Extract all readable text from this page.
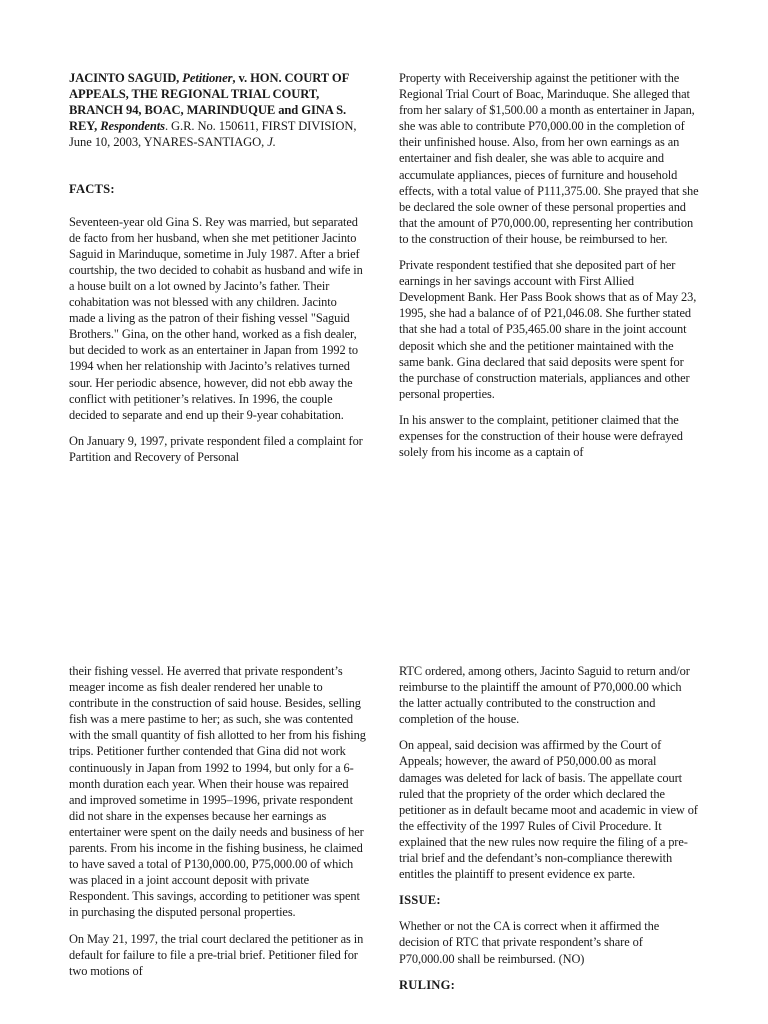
JACINTO SAGUID, Petitioner, v. HON. COURT OF APPEALS, THE REGIONAL TRIAL COURT, BRANCH 94, BOAC, MARINDUQUE and GINA S. REY, Respondents. G.R. No. 150611, FIRST DIVISION, June 10, 2003, YNARES-SANTIAGO, J.

FACTS:

Seventeen-year old Gina S. Rey was married, but separated de facto from her husband, when she met petitioner Jacinto Saguid in Marinduque, sometime in July 1987. After a brief courtship, the two decided to cohabit as husband and wife in a house built on a lot owned by Jacinto’s father. Their cohabitation was not blessed with any children. Jacinto made a living as the patron of their fishing vessel "Saguid Brothers." Gina, on the other hand, worked as a fish dealer, but decided to work as an entertainer in Japan from 1992 to 1994 when her relationship with Jacinto’s relatives turned sour. Her periodic absence, however, did not ebb away the conflict with petitioner’s relatives. In 1996, the couple decided to separate and end up their 9-year cohabitation.

On January 9, 1997, private respondent filed a complaint for Partition and Recovery of Personal

Property with Receivership against the petitioner with the Regional Trial Court of Boac, Marinduque. She alleged that from her salary of $1,500.00 a month as entertainer in Japan, she was able to contribute P70,000.00 in the completion of their unfinished house. Also, from her own earnings as an entertainer and fish dealer, she was able to acquire and accumulate appliances, pieces of furniture and household effects, with a total value of P111,375.00. She prayed that she be declared the sole owner of these personal properties and that the amount of P70,000.00, representing her contribution to the construction of their house, be reimbursed to her.

Private respondent testified that she deposited part of her earnings in her savings account with First Allied Development Bank. Her Pass Book shows that as of May 23, 1995, she had a balance of of P21,046.08. She further stated that she had a total of P35,465.00 share in the joint account deposit which she and the petitioner maintained with the same bank. Gina declared that said deposits were spent for the purchase of construction materials, appliances and other personal properties.

In his answer to the complaint, petitioner claimed that the expenses for the construction of their house were defrayed solely from his income as a captain of

their fishing vessel. He averred that private respondent’s meager income as fish dealer rendered her unable to contribute in the construction of said house. Besides, selling fish was a mere pastime to her; as such, she was contented with the small quantity of fish allotted to her from his fishing trips. Petitioner further contended that Gina did not work continuously in Japan from 1992 to 1994, but only for a 6-month duration each year. When their house was repaired and improved sometime in 1995–1996, private respondent did not share in the expenses because her earnings as entertainer were spent on the daily needs and business of her parents. From his income in the fishing business, he claimed to have saved a total of P130,000.00, P75,000.00 of which was placed in a joint account deposit with private Respondent. This savings, according to petitioner was spent in purchasing the disputed personal properties.

On May 21, 1997, the trial court declared the petitioner as in default for failure to file a pre-trial brief. Petitioner filed for two motions of

RTC ordered, among others, Jacinto Saguid to return and/or reimburse to the plaintiff the amount of P70,000.00 which the latter actually contributed to the construction and completion of the house.

On appeal, said decision was affirmed by the Court of Appeals; however, the award of P50,000.00 as moral damages was deleted for lack of basis. The appellate court ruled that the propriety of the order which declared the petitioner as in default became moot and academic in view of the effectivity of the 1997 Rules of Civil Procedure. It explained that the new rules now require the filing of a pre-trial brief and the defendant’s non-compliance therewith entitles the plaintiff to present evidence ex parte.

ISSUE:

Whether or not the CA is correct when it affirmed the decision of RTC that private respondent’s share of P70,000.00 shall be reimbursed. (NO)

RULING:
